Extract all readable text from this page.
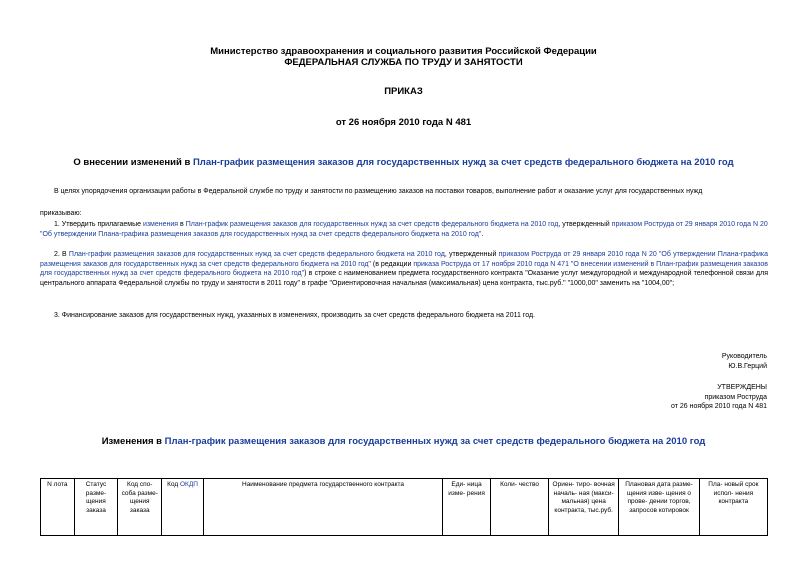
Министерство здравоохранения и социального развития Российской Федерации
ФЕДЕРАЛЬНАЯ СЛУЖБА ПО ТРУДУ И ЗАНЯТОСТИ
ПРИКАЗ
от 26 ноября 2010 года N 481
О внесении изменений в План-график размещения заказов для государственных нужд за счет средств федерального бюджета на 2010 год
В целях упорядочения организации работы в Федеральной службе по труду и занятости по размещению заказов на поставки товаров, выполнение работ и оказание услуг для государственных нужд
приказываю:
1. Утвердить прилагаемые изменения в План-график размещения заказов для государственных нужд за счет средств федерального бюджета на 2010 год, утвержденный приказом Роструда от 29 января 2010 года N 20 "Об утверждении Плана-графика размещения заказов для государственных нужд за счет средств федерального бюджета на 2010 год".
2. В План-график размещения заказов для государственных нужд за счет средств федерального бюджета на 2010 год, утвержденный приказом Роструда от 29 января 2010 года N 20 "Об утверждении Плана-графика размещения заказов для государственных нужд за счет средств федерального бюджета на 2010 год" (в редакции приказа Роструда от 17 ноября 2010 года N 471 "О внесении изменений в План-график размещения заказов для государственных нужд за счет средств федерального бюджета на 2010 год") в строке с наименованием предмета государственного контракта "Оказание услуг междугородной и международной телефонной связи для центрального аппарата Федеральной службы по труду и занятости в 2011 году" в графе "Ориентировочная начальная (максимальная) цена контракта, тыс.руб." "1000,00" заменить на "1004,00";
3. Финансирование заказов для государственных нужд, указанных в изменениях, производить за счет средств федерального бюджета на 2011 год.
Руководитель
Ю.В.Герций
УТВЕРЖДЕНЫ
приказом Роструда
от 26 ноября 2010 года N 481
Изменения в План-график размещения заказов для государственных нужд за счет средств федерального бюджета на 2010 год
N лота	Статус разме- щения заказа	Код спо- соба разме- щения заказа	Код ОКДП	Наименование предмета государственного контракта	Еди- ница изме- рения	Коли- чество	Ориен- тиро- вочная началь- ная (макси- мальная) цена контракта, тыс.руб.	Плановая дата разме- щения изве- щения о прове- дении торгов, запросов котировок	Пла- новый срок испол- нения контракта
